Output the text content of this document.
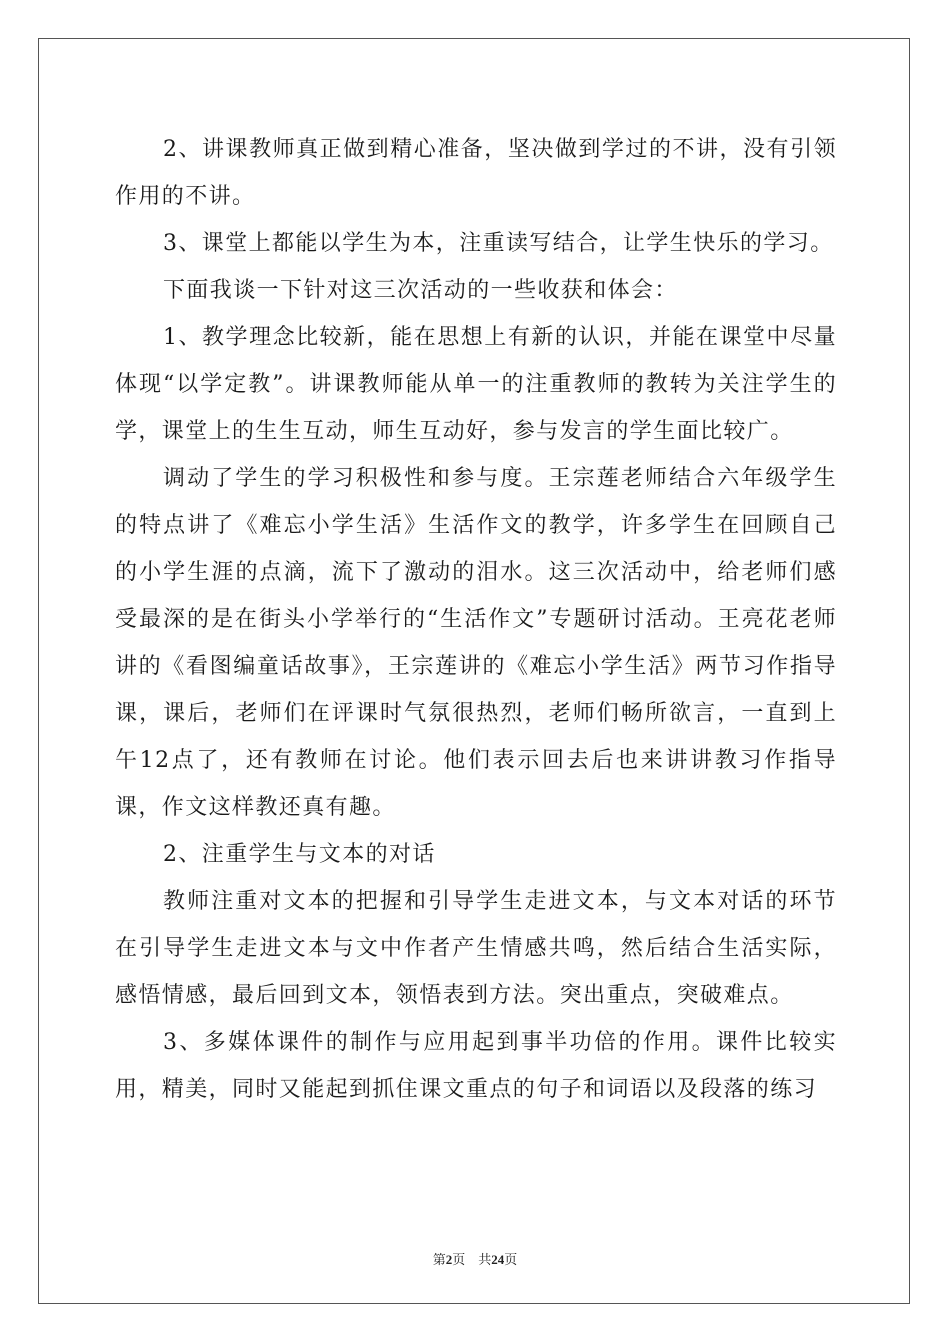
2、讲课教师真正做到精心准备，坚决做到学过的不讲，没有引领作用的不讲。

3、课堂上都能以学生为本，注重读写结合，让学生快乐的学习。

下面我谈一下针对这三次活动的一些收获和体会：

1、教学理念比较新，能在思想上有新的认识，并能在课堂中尽量体现“以学定教”。讲课教师能从单一的注重教师的教转为关注学生的学，课堂上的生生互动，师生互动好，参与发言的学生面比较广。

调动了学生的学习积极性和参与度。王宗莲老师结合六年级学生的特点讲了《难忘小学生活》生活作文的教学，许多学生在回顾自己的小学生涯的点滴，流下了激动的泪水。这三次活动中，给老师们感受最深的是在街头小学举行的“生活作文”专题研讨活动。王亮花老师讲的《看图编童话故事》，王宗莲讲的《难忘小学生活》两节习作指导课，课后，老师们在评课时气氛很热烈，老师们畅所欲言，一直到上午12点了，还有教师在讨论。他们表示回去后也来讲讲教习作指导课，作文这样教还真有趣。

2、注重学生与文本的对话

教师注重对文本的把握和引导学生走进文本，与文本对话的环节在引导学生走进文本与文中作者产生情感共鸣，然后结合生活实际，感悟情感，最后回到文本，领悟表到方法。突出重点，突破难点。

3、多媒体课件的制作与应用起到事半功倍的作用。课件比较实用，精美，同时又能起到抓住课文重点的句子和词语以及段落的练习

第2页 共24页
